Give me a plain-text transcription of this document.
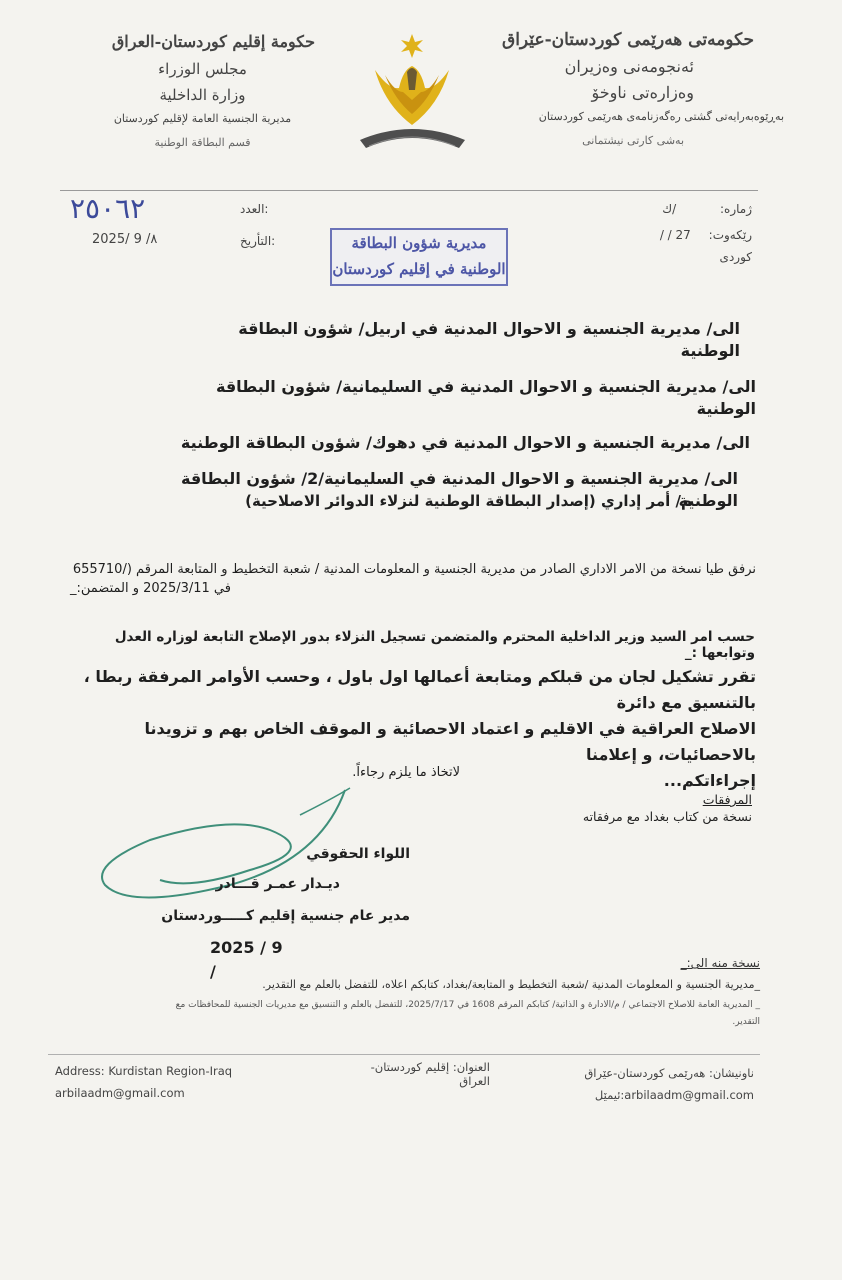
حکومەتی هەرێمی کوردستان-عێراق
ئەنجومەنی وەزیران
وەزارەتی ناوخۆ
بەڕێوەبەرایەتی گشتی رەگەزنامەی هەرێمی کوردستان
بەشی کارتی نیشتمانی
حكومة إقليم كوردستان-العراق
مجلس الوزراء
وزارة الداخلية
مديرية الجنسية العامة لإقليم كوردستان
قسم البطاقة الوطنية
ژمارە: /ك
رێکەوت: 27 / /
کوردی
مديرية شؤون البطاقة
الوطنية في إقليم كوردستان
العدد:
٢٥٠٦٢
التأريخ:
2025/ 9 /٨
الى/ مديرية الجنسية و الاحوال المدنية في اربيل/ شؤون البطاقة الوطنية
الى/ مديرية الجنسية و الاحوال المدنية في السليمانية/ شؤون البطاقة الوطنية
الى/ مديرية الجنسية و الاحوال المدنية في دهوك/ شؤون البطاقة الوطنية
الى/ مديرية الجنسية و الاحوال المدنية في السليمانية/2/ شؤون البطاقة الوطنية
م/ أمر إداري (إصدار البطاقة الوطنية لنزلاء الدوائر الاصلاحية)
نرفق طيا نسخة من الامر الاداري الصادر من مديرية الجنسية و المعلومات المدنية / شعبة التخطيط و المتابعة المرقم (/655710
في 2025/3/11 و المتضمن:_
حسب امر السيد وزير الداخلية المحترم والمتضمن تسجيل النزلاء بدور الإصلاح التابعة لوزاره العدل وتوابعها :_
تقرر تشكيل لجان من قبلكم ومتابعة أعمالها اول باول ، وحسب الأوامر المرفقة ربطا ، بالتنسيق مع دائرة
الاصلاح العراقية في الاقليم و اعتماد الاحصائية و الموقف الخاص بهم و تزويدنا بالاحصائيات، و إعلامنا
إجراءاتكم...
لاتخاذ ما يلزم رجاءاً.
المرفقات
نسخة من كتاب بغداد مع مرفقاته
اللواء الحقوقي
ديـدار عمـر قـــادر
مدير عام جنسية إقليم كـــــوردستان
2025 / 9 /	نسخة منه الى:_
_مديرية الجنسية و المعلومات المدنية /شعبة التخطيط و المتابعة/بغداد، كتابكم اعلاه، للتفضل بالعلم مع التقدير.
_ المديرية العامة للاصلاح الاجتماعي / م/الادارة و الذاتية/ كتابكم المرقم 1608 في 2025/7/17، للتفضل بالعلم و التنسيق مع مديريات الجنسية للمحافظات مع
التقدير.
Address: Kurdistan Region-Iraq
arbilaadm@gmail.com
العنوان: إقليم كوردستان-العراق
ناونیشان: هەرێمی کوردستان-عێراق
arbilaadm@gmail.com:ئیمێل
